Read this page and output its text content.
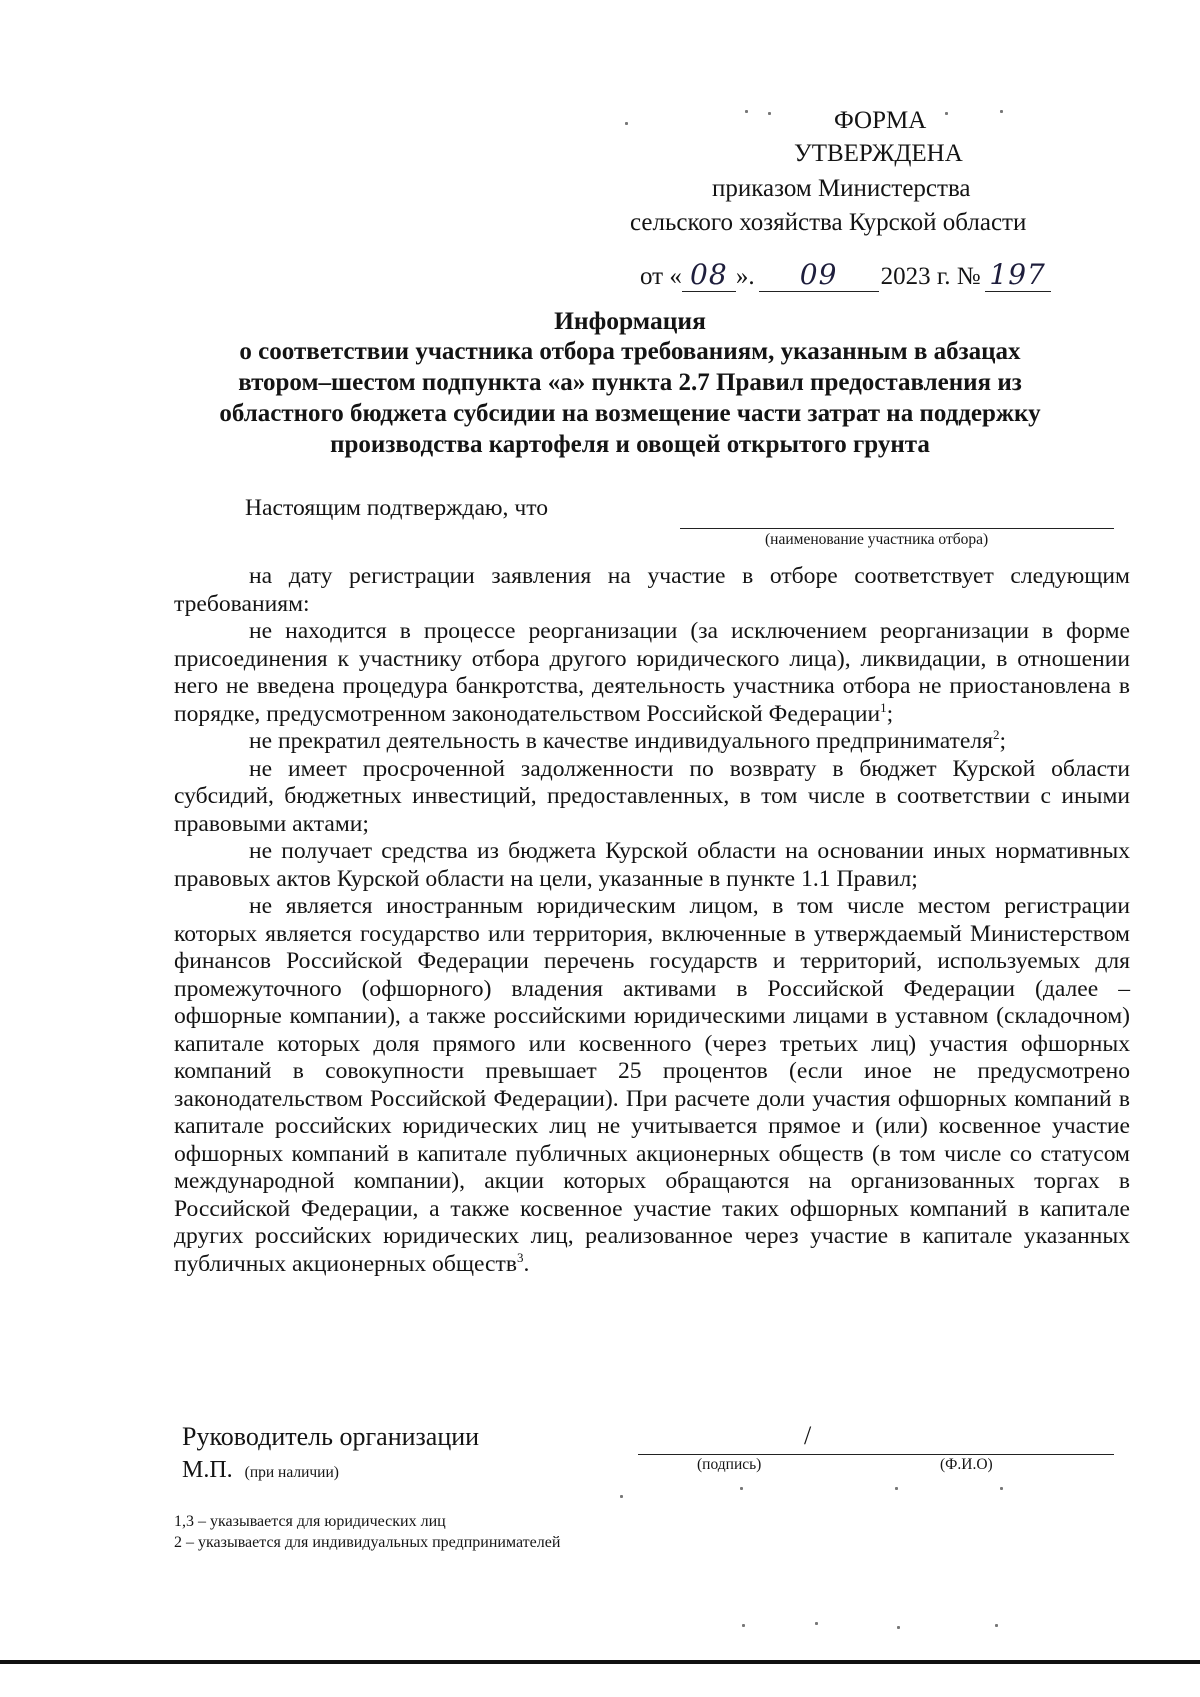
ФОРМА
УТВЕРЖДЕНА
приказом Министерства
сельского хозяйства Курской области
от « 08 ». 09 2023 г. № 197
Информация
о соответствии участника отбора требованиям, указанным в абзацах
втором–шестом подпункта «а» пункта 2.7 Правил предоставления из
областного бюджета субсидии на возмещение части затрат на поддержку
производства картофеля и овощей открытого грунта
Настоящим подтверждаю, что
(наименование участника отбора)

на дату регистрации заявления на участие в отборе соответствует следующим требованиям:

не находится в процессе реорганизации (за исключением реорганизации в форме присоединения к участнику отбора другого юридического лица), ликвидации, в отношении него не введена процедура банкротства, деятельность участника отбора не приостановлена в порядке, предусмотренном законодательством Российской Федерации$^1$;

не прекратил деятельность в качестве индивидуального предпринимателя$^2$;

не имеет просроченной задолженности по возврату в бюджет Курской области субсидий, бюджетных инвестиций, предоставленных, в том числе в соответствии с иными правовыми актами;

не получает средства из бюджета Курской области на основании иных нормативных правовых актов Курской области на цели, указанные в пункте 1.1 Правил;

не является иностранным юридическим лицом, в том числе местом регистрации которых является государство или территория, включенные в утверждаемый Министерством финансов Российской Федерации перечень государств и территорий, используемых для промежуточного (офшорного) владения активами в Российской Федерации (далее – офшорные компании), а также российскими юридическими лицами в уставном (складочном) капитале которых доля прямого или косвенного (через третьих лиц) участия офшорных компаний в совокупности превышает 25 процентов (если иное не предусмотрено законодательством Российской Федерации). При расчете доли участия офшорных компаний в капитале российских юридических лиц не учитывается прямое и (или) косвенное участие офшорных компаний в капитале публичных акционерных обществ (в том числе со статусом международной компании), акции которых обращаются на организованных торгах в Российской Федерации, а также косвенное участие таких офшорных компаний в капитале других российских юридических лиц, реализованное через участие в капитале указанных публичных акционерных обществ$^3$.

Руководитель организации
М.П. (при наличии)
/
(подпись)	(Ф.И.О)
1,3 – указывается для юридических лиц
2 – указывается для индивидуальных предпринимателей
